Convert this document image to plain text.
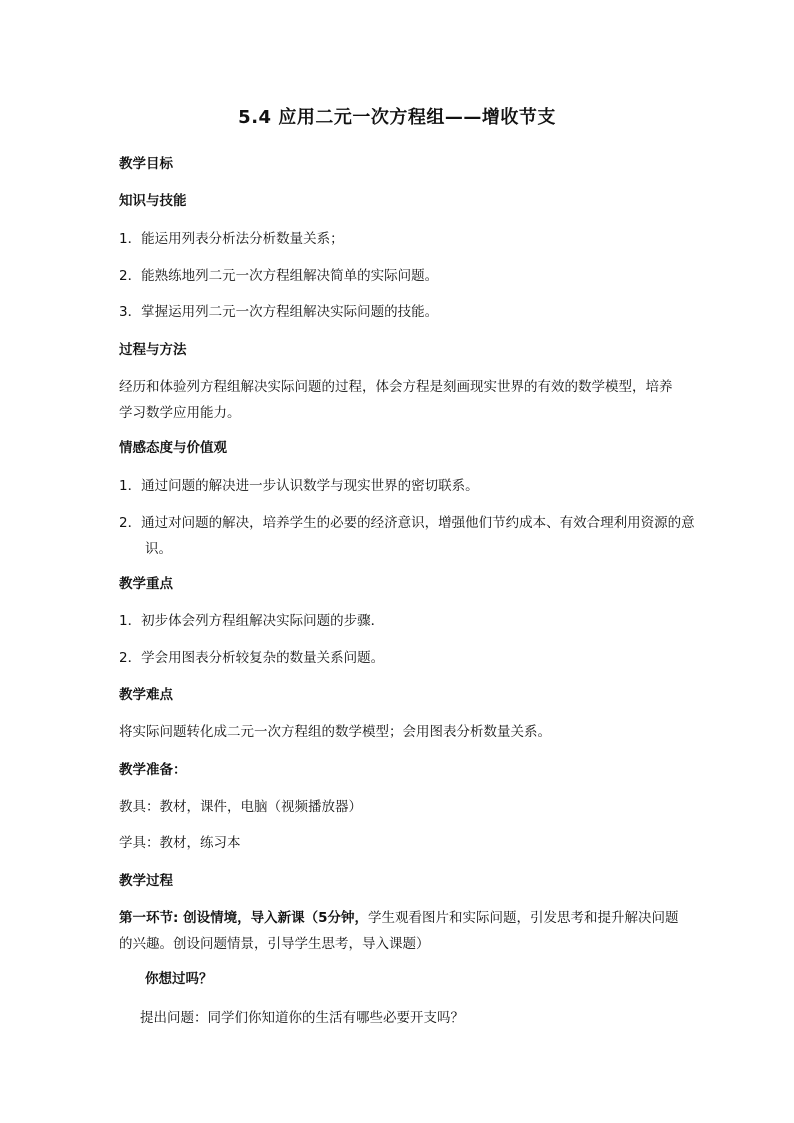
5.4 应用二元一次方程组——增收节支
教学目标
知识与技能
1．能运用列表分析法分析数量关系；
2．能熟练地列二元一次方程组解决简单的实际问题。
3．掌握运用列二元一次方程组解决实际问题的技能。
过程与方法
经历和体验列方程组解决实际问题的过程，体会方程是刻画现实世界的有效的数学模型，培养学习数学应用能力。
情感态度与价值观
1．通过问题的解决进一步认识数学与现实世界的密切联系。
2．通过对问题的解决，培养学生的必要的经济意识，增强他们节约成本、有效合理利用资源的意识。
教学重点
1．初步体会列方程组解决实际问题的步骤．
2．学会用图表分析较复杂的数量关系问题。
教学难点
将实际问题转化成二元一次方程组的数学模型；会用图表分析数量关系。
教学准备：
教具：教材，课件，电脑（视频播放器）
学具：教材，练习本
教学过程
第一环节: 创设情境，导入新课（5分钟，学生观看图片和实际问题，引发思考和提升解决问题的兴趣。创设问题情景，引导学生思考，导入课题）
你想过吗？
提出问题：同学们你知道你的生活有哪些必要开支吗？
